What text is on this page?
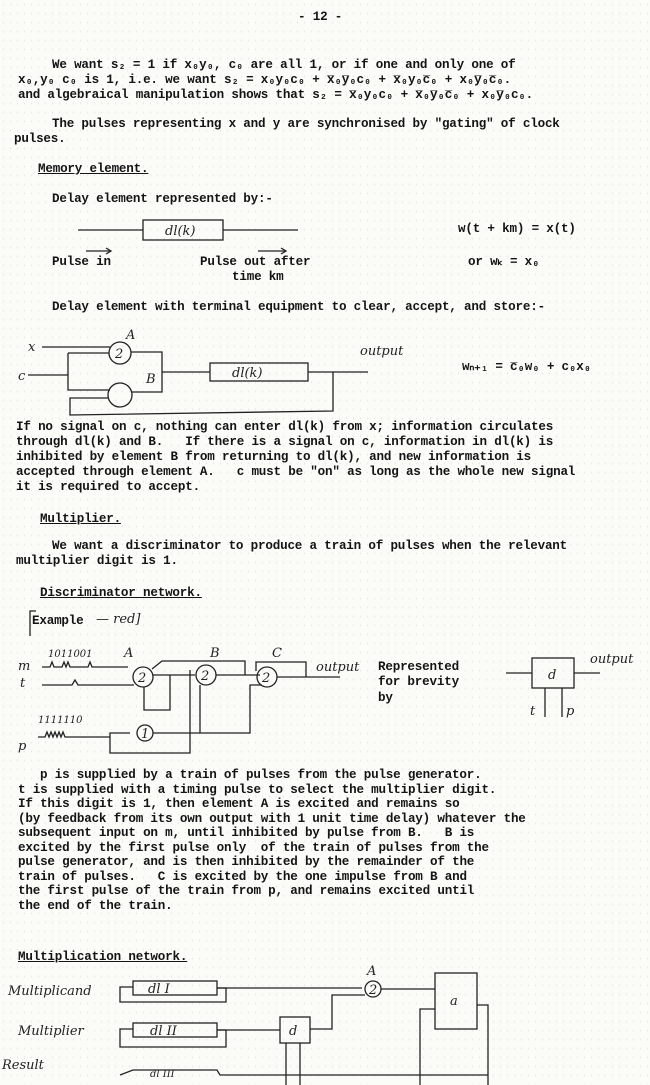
- 12 -
We want s₂ = 1 if x₀y₀, c₀ are all 1, or if one and only one of
x₀,y₀ c₀ is 1, i.e. we want s₂ = x₀y₀c₀ + x̅₀y̅₀c₀ + x̅₀y₀c̅₀ + x₀y̅₀c̅₀.
and algebraical manipulation shows that s₂ = x̅₀y₀c₀ + x̅₀y̅₀c̅₀ + x₀y̅₀c₀.
The pulses representing x and y are synchronised by "gating" of clock
pulses.
Memory element.
Delay element represented by:-
dl(k)	w(t + km) = x(t)
Pulse in	Pulse out after
time km
or wₖ = x₀
Delay element with terminal equipment to clear, accept, and store:-
x
c
A
B
2
dl(k)
output
wₙ₊₁ = c̅₀w₀ + c₀x₀
If no signal on c, nothing can enter dl(k) from x; information circulates
through dl(k) and B.   If there is a signal on c, information in dl(k) is
inhibited by element B from returning to dl(k), and new information is
accepted through element A.   c must be "on" as long as the whole new signal
it is required to accept.
Multiplier.
We want a discriminator to produce a train of pulses when the relevant
multiplier digit is 1.
Discriminator network.
Example — red]
1011001
m
t
p
1111110
A	B	C
2	2	2
output
1
d
output
t p
Represented
for brevity
by
p is supplied by a train of pulses from the pulse generator.
t is supplied with a timing pulse to select the multiplier digit.
If this digit is 1, then element A is excited and remains so
(by feedback from its own output with 1 unit time delay) whatever the
subsequent input on m, until inhibited by pulse from B.   B is
excited by the first pulse only  of the train of pulses from the
pulse generator, and is then inhibited by the remainder of the
train of pulses.   C is excited by the one impulse from B and
the first pulse of the train from p, and remains excited until
the end of the train.
Multiplication network.
Multiplicand
Multiplier
Result
dl I	2
A
a
dl II	d
dl III
